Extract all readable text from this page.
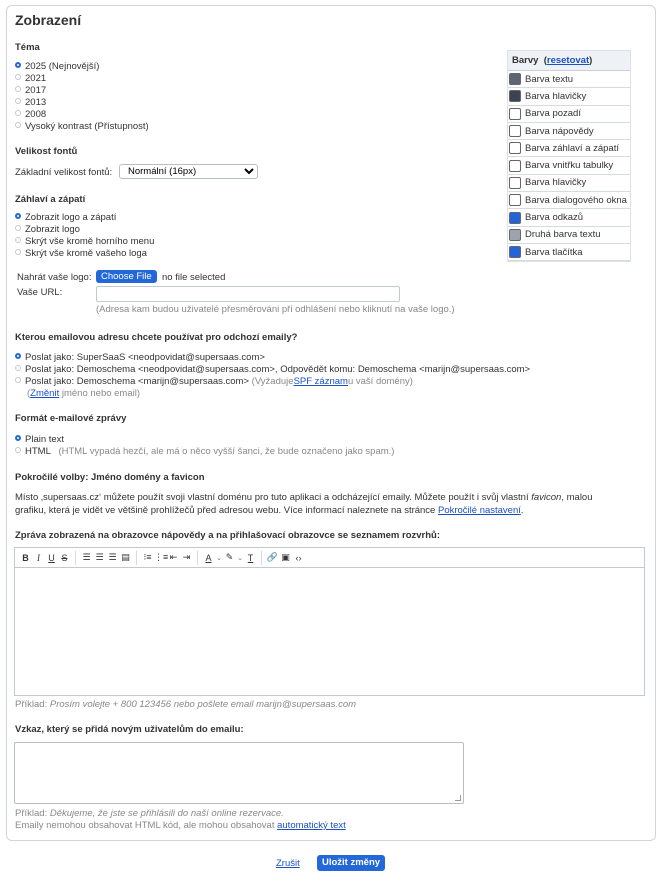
Zobrazení
Téma
2025 (Nejnovější)
2021
2017
2013
2008
Vysoký kontrast (Přístupnost)
Barvy  (resetovat)
Barva textu
Barva hlavičky
Barva pozadí
Barva nápovědy
Barva záhlaví a zápatí
Barva vnitřku tabulky
Barva hlavičky
Barva dialogového okna
Barva odkazů
Druhá barva textu
Barva tlačítka
Velikost fontů
Základní velikost fontů:
Normální (16px)
Záhlaví a zápatí
Zobrazit logo a zápatí
Zobrazit logo
Skrýt vše kromě horního menu
Skrýt vše kromě vašeho loga
Nahrát vaše logo:	Choose File	no file selected
Vaše URL:
(Adresa kam budou uživatelé přesměrováni při odhlášení nebo kliknutí na vaše logo.)
Kterou emailovou adresu chcete používat pro odchozí emaily?
Poslat jako: SuperSaaS <neodpovidat@supersaas.com>
Poslat jako: Demoschema <neodpovidat@supersaas.com>, Odpovědět komu: Demoschema <marijn@supersaas.com>
Poslat jako: Demoschema <marijn@supersaas.com> (VyžadujeSPF záznamu vaší domény)
(Změnit jméno nebo email)
Formát e-mailové zprávy
Plain text
HTML (HTML vypadá hezčí, ale má o něco vyšší šanci, že bude označeno jako spam.)
Pokročilé volby: Jméno domény a favicon
Místo ‚supersaas.cz‘ můžete použít svoji vlastní doménu pro tuto aplikaci a odcházející emaily. Můžete použít i svůj vlastní favicon, malou
grafiku, která je vidět ve většině prohlížečů před adresou webu. Více informací naleznete na stránce Pokročilé nastavení.
Zpráva zobrazená na obrazovce nápovědy a na přihlašovací obrazovce se seznamem rozvrhů:
B I U S	☰ ☰ ☰ ▤ ⁝≡ ⋮≡ ⇤ ⇥	A ⌄ ✎ ⌄ T	🔗 ▣ ‹›
Příklad: Prosím volejte + 800 123456 nebo pošlete email marijn@supersaas.com
Vzkaz, který se přidá novým uživatelům do emailu:
Příklad: Děkujeme, že jste se přihlásili do naší online rezervace.
Emaily nemohou obsahovat HTML kód, ale mohou obsahovat automatický text
Zrušit	Uložit změny
